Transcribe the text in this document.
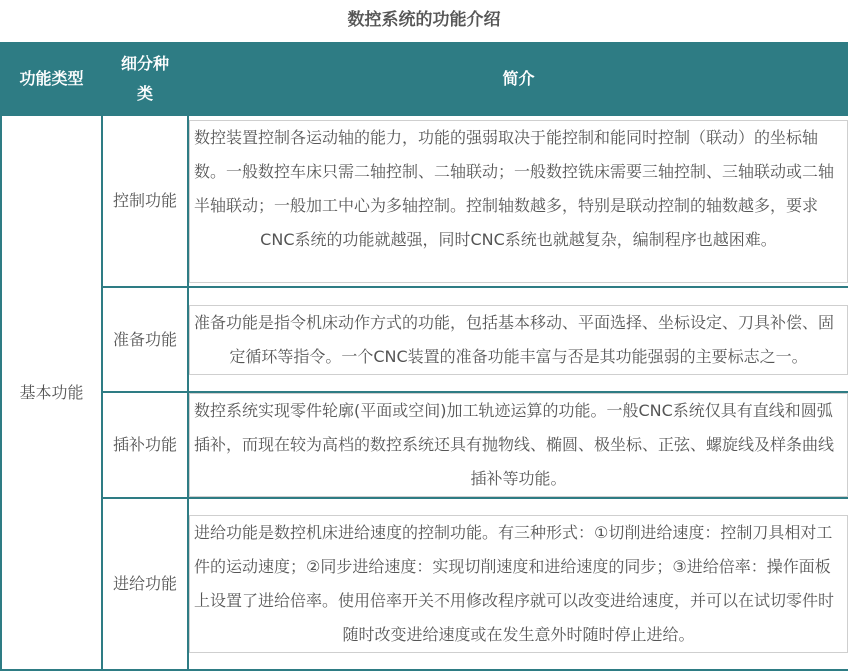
数控系统的功能介绍
功能类型	细分种类	简介
基本功能	控制功能	数控装置控制各运动轴的能力，功能的强弱取决于能控制和能同时控制（联动）的坐标轴数。一般数控车床只需二轴控制、二轴联动；一般数控铣床需要三轴控制、三轴联动或二轴半轴联动；一般加工中心为多轴控制。控制轴数越多，特别是联动控制的轴数越多，要求CNC系统的功能就越强，同时CNC系统也就越复杂，编制程序也越困难。

	准备功能	准备功能是指令机床动作方式的功能，包括基本移动、平面选择、坐标设定、刀具补偿、固定循环等指令。一个CNC装置的准备功能丰富与否是其功能强弱的主要标志之一。

	插补功能	数控系统实现零件轮廓(平面或空间)加工轨迹运算的功能。一般CNC系统仅具有直线和圆弧插补，而现在较为高档的数控系统还具有抛物线、椭圆、极坐标、正弦、螺旋线及样条曲线插补等功能。

	进给功能	进给功能是数控机床进给速度的控制功能。有三种形式：①切削进给速度：控制刀具相对工件的运动速度；②同步进给速度：实现切削速度和进给速度的同步；③进给倍率：操作面板上设置了进给倍率。使用倍率开关不用修改程序就可以改变进给速度，并可以在试切零件时随时改变进给速度或在发生意外时随时停止进给。
